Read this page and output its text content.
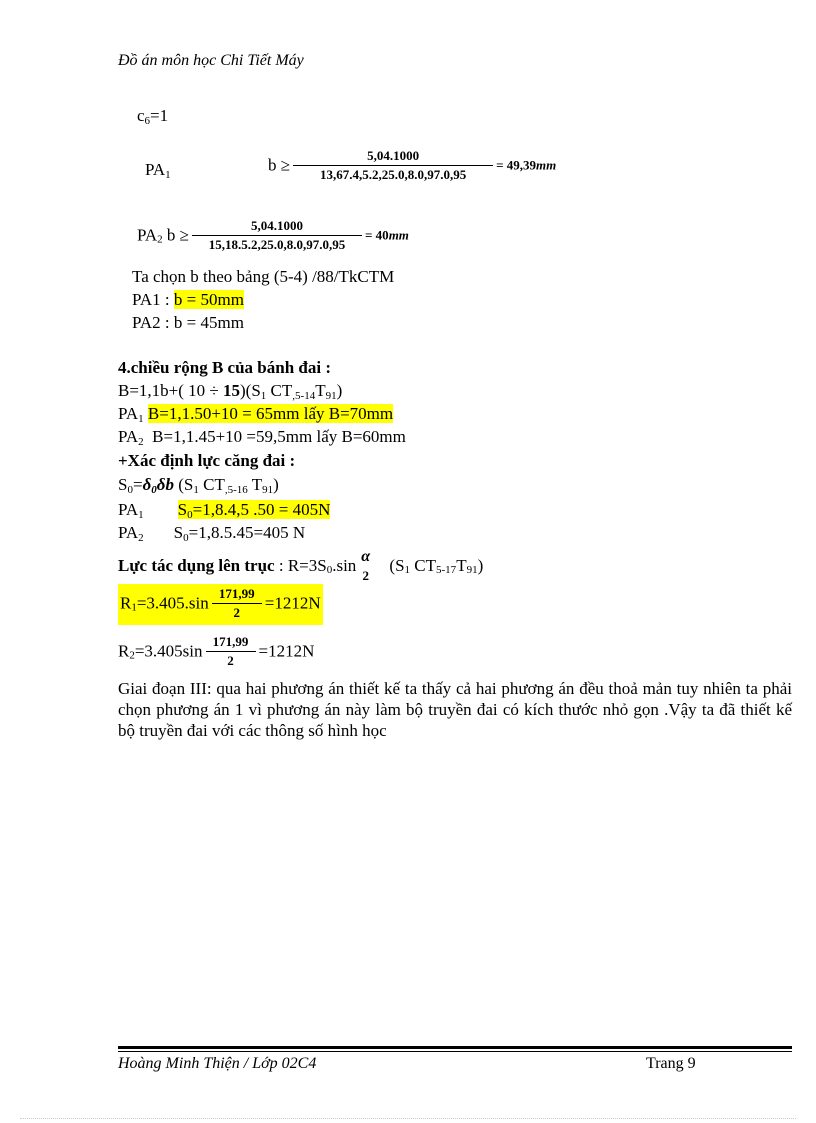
Đồ án môn học Chi Tiết Máy
$c_6=1$
$PA_1$
$b \ge \frac{5,04.1000}{13,67.4,5.2,25.0,8.0,97.0,95} = 49,39mm$
$PA_2$ $b \ge \frac{5,04.1000}{15,18.5.2,25.0,8.0,97.0,95} = 40mm$
Ta chọn b theo bảng (5-4) /88/TkCTM
PA1 : b = 50mm
PA2 : b = 45mm
4.chiều rộng B của bánh đai :
B=1,1b+( $10 \div 15)(S_1$ $CT_{,5-14}T_{91}$)
$PA_1$ B=1,1.50+10 = 65mm lấy B=70mm
$PA_2$ B=1,1.45+10 =59,5mm lấy B=60mm
+Xác định lực căng đai :
$S_0=\delta_0\delta b$ ($S_1$ $CT_{,5-16}$ $T_{91}$)
$PA_1$ $S_0=1,8.4,5$ .50 = 405N
$PA_2$ $S_0=1,8.5.45=405$ N
Lực tác dụng lên trục : $R=3S_0.\sin$ α
2
($S_1$ $CT_{5-17}T_{91}$)
$R_1=3.405.\sin \frac{171,99}{2} =1212N$
$R_2=3.405\sin \frac{171,99}{2} =1212N$
Giai đoạn III: qua hai phương án thiết kế ta thấy cả hai phương án đều thoả mản tuy nhiên ta phải chọn phương án 1 vì phương án này làm bộ truyền đai có kích thước nhỏ gọn .Vậy ta đã thiết kế bộ truyền đai với các thông số hình học
Hoàng Minh Thiện / Lớp 02C4	Trang 9
